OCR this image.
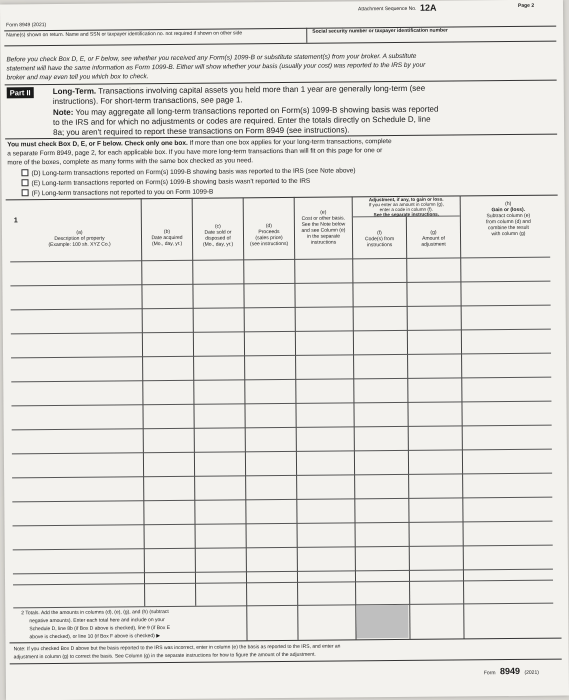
Form 8949 (2021)
Attachment Sequence No. 12A	Page 2
Name(s) shown on return. Name and SSN or taxpayer identification no. not required if shown on other side	Social security number or taxpayer identification number
Before you check Box D, E, or F below, see whether you received any Form(s) 1099-B or substitute statement(s) from your broker. A substitute
statement will have the same information as Form 1099-B. Either will show whether your basis (usually your cost) was reported to the IRS by your
broker and may even tell you which box to check.
Part II	Long-Term. Transactions involving capital assets you held more than 1 year are generally long-term (see
instructions). For short-term transactions, see page 1.
Note: You may aggregate all long-term transactions reported on Form(s) 1099-B showing basis was reported
to the IRS and for which no adjustments or codes are required. Enter the totals directly on Schedule D, line
8a; you aren't required to report these transactions on Form 8949 (see instructions).
You must check Box D, E, or F below. Check only one box. If more than one box applies for your long-term transactions, complete
a separate Form 8949, page 2, for each applicable box. If you have more long-term transactions than will fit on this page for one or
more of the boxes, complete as many forms with the same box checked as you need.
(D) Long-term transactions reported on Form(s) 1099-B showing basis was reported to the IRS (see Note above)
(E) Long-term transactions reported on Form(s) 1099-B showing basis wasn't reported to the IRS
(F) Long-term transactions not reported to you on Form 1099-B
1
(a)
Description of property
(Example: 100 sh. XYZ Co.)
(b)
Date acquired
(Mo., day, yr.)
(c)
Date sold or
disposed of
(Mo., day, yr.)
(d)
Proceeds
(sales price)
(see instructions)
(e)
Cost or other basis.
See the Note below
and see Column (e)
in the separate
instructions
Adjustment, if any, to gain or loss.
If you enter an amount in column (g),
enter a code in column (f).
See the separate instructions.
(f)
Code(s) from
instructions
(g)
Amount of
adjustment
(h)
Gain or (loss).
Subtract column (e)
from column (d) and
combine the result
with column (g)
2 Totals. Add the amounts in columns (d), (e), (g), and (h) (subtract
negative amounts). Enter each total here and include on your
Schedule D, line 8b (if Box D above is checked), line 9 (if Box E
above is checked), or line 10 (if Box F above is checked) ▶
Note: If you checked Box D above but the basis reported to the IRS was incorrect, enter in column (e) the basis as reported to the IRS, and enter an
adjustment in column (g) to correct the basis. See Column (g) in the separate instructions for how to figure the amount of the adjustment.
Form 8949 (2021)
